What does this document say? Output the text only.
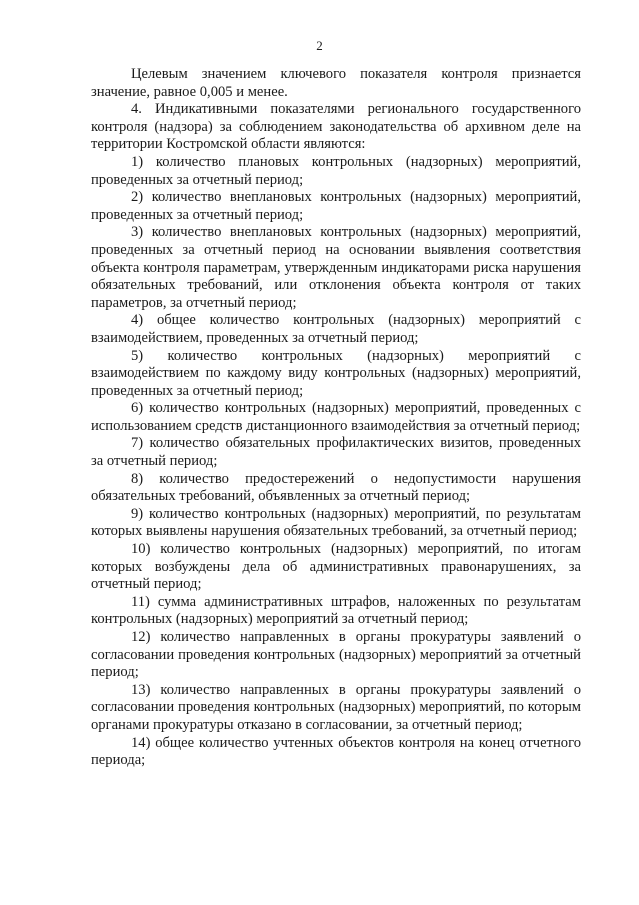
2

Целевым значением ключевого показателя контроля признается значение, равное 0,005 и менее.

4. Индикативными показателями регионального государственного контроля (надзора) за соблюдением законодательства об архивном деле на территории Костромской области являются:

1) количество плановых контрольных (надзорных) мероприятий, проведенных за отчетный период;

2) количество внеплановых контрольных (надзорных) мероприятий, проведенных за отчетный период;

3) количество внеплановых контрольных (надзорных) мероприятий, проведенных за отчетный период на основании выявления соответствия объекта контроля параметрам, утвержденным индикаторами риска нарушения обязательных требований, или отклонения объекта контроля от таких параметров, за отчетный период;

4) общее количество контрольных (надзорных) мероприятий с взаимодействием, проведенных за отчетный период;

5) количество контрольных (надзорных) мероприятий с взаимодействием по каждому виду контрольных (надзорных) мероприятий, проведенных за отчетный период;

6) количество контрольных (надзорных) мероприятий, проведенных с использованием средств дистанционного взаимодействия за отчетный период;

7) количество обязательных профилактических визитов, проведенных за отчетный период;

8) количество предостережений о недопустимости нарушения обязательных требований, объявленных за отчетный период;

9) количество контрольных (надзорных) мероприятий, по результатам которых выявлены нарушения обязательных требований, за отчетный период;

10) количество контрольных (надзорных) мероприятий, по итогам которых возбуждены дела об административных правонарушениях, за отчетный период;

11) сумма административных штрафов, наложенных по результатам контрольных (надзорных) мероприятий за отчетный период;

12) количество направленных в органы прокуратуры заявлений о согласовании проведения контрольных (надзорных) мероприятий за отчетный период;

13) количество направленных в органы прокуратуры заявлений о согласовании проведения контрольных (надзорных) мероприятий, по которым органами прокуратуры отказано в согласовании, за отчетный период;

14) общее количество учтенных объектов контроля на конец отчетного периода;
